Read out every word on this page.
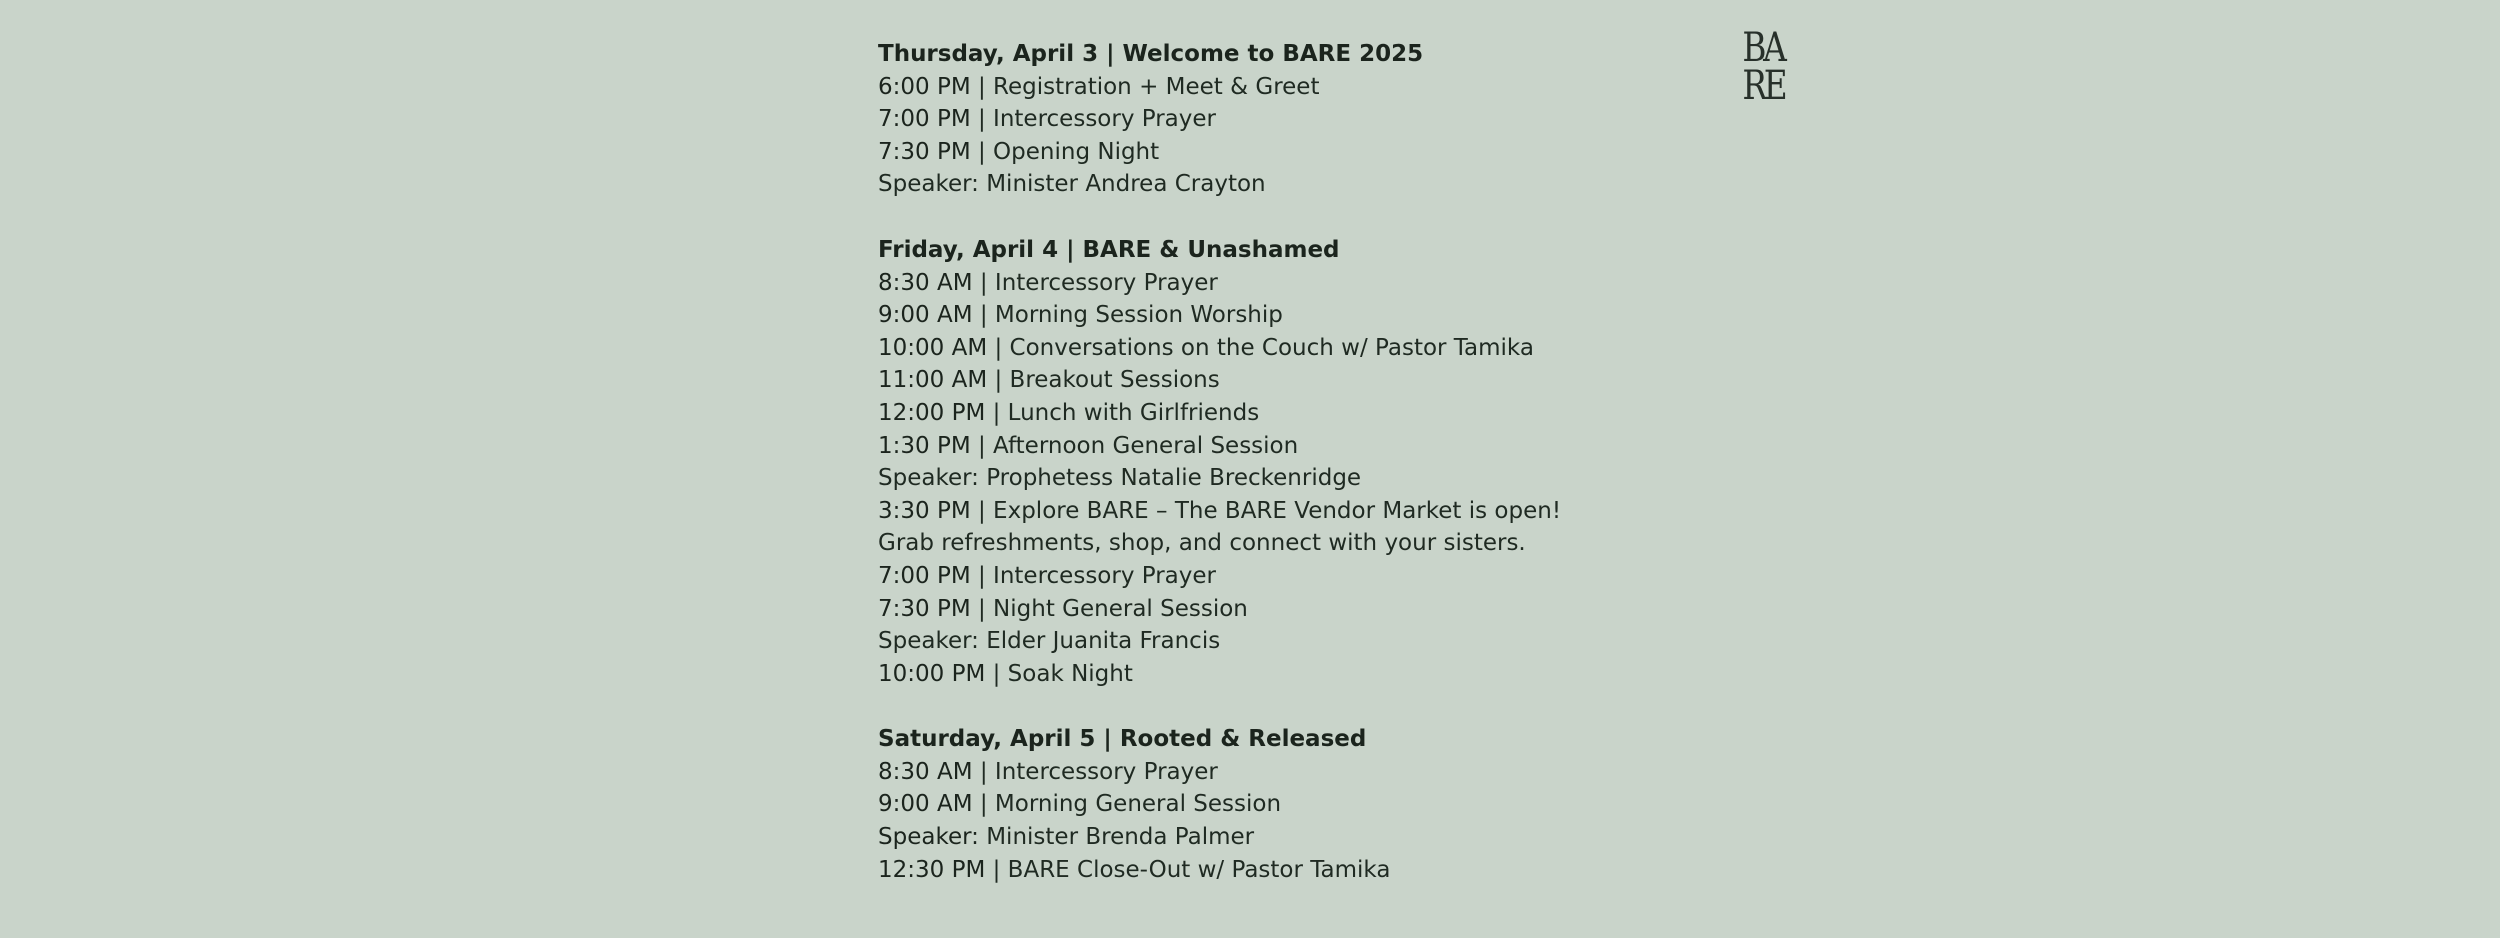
BA
RE
Thursday, April 3 | Welcome to BARE 2025
6:00 PM | Registration + Meet & Greet
7:00 PM | Intercessory Prayer
7:30 PM | Opening Night
Speaker: Minister Andrea Crayton
Friday, April 4 | BARE & Unashamed
8:30 AM | Intercessory Prayer
9:00 AM | Morning Session Worship
10:00 AM | Conversations on the Couch w/ Pastor Tamika
11:00 AM | Breakout Sessions
12:00 PM | Lunch with Girlfriends
1:30 PM | Afternoon General Session
Speaker: Prophetess Natalie Breckenridge
3:30 PM | Explore BARE – The BARE Vendor Market is open!
Grab refreshments, shop, and connect with your sisters.
7:00 PM | Intercessory Prayer
7:30 PM | Night General Session
Speaker: Elder Juanita Francis
10:00 PM | Soak Night
Saturday, April 5 | Rooted & Released
8:30 AM | Intercessory Prayer
9:00 AM | Morning General Session
Speaker: Minister Brenda Palmer
12:30 PM | BARE Close-Out w/ Pastor Tamika
